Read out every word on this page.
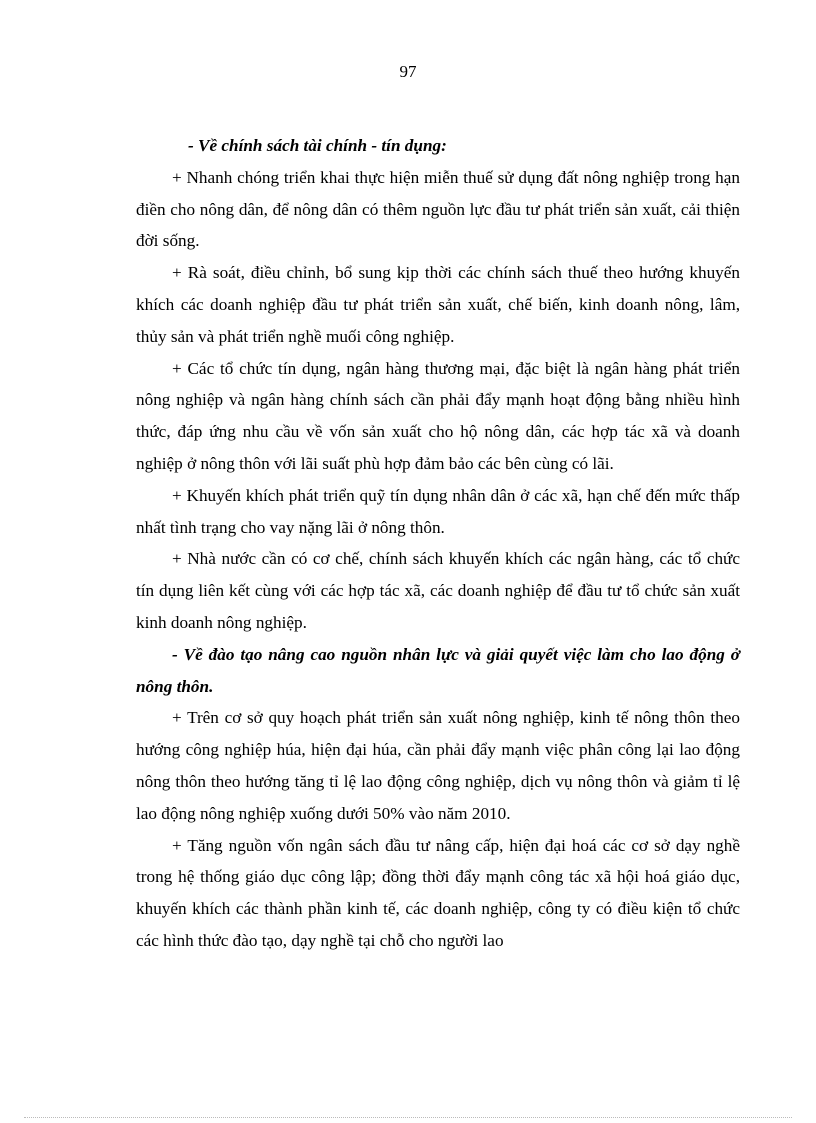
97

- Về chính sách tài chính - tín dụng:

+ Nhanh chóng triển khai thực hiện miễn thuế sử dụng đất nông nghiệp trong hạn điền cho nông dân, để nông dân có thêm nguồn lực đầu tư phát triển sản xuất, cải thiện đời sống.

+ Rà soát, điều chỉnh, bổ sung kịp thời các chính sách thuế theo hướng khuyến khích các doanh nghiệp đầu tư phát triển sản xuất, chế biến, kinh doanh nông, lâm, thủy sản và phát triển nghề muối công nghiệp.

+ Các tổ chức tín dụng, ngân hàng thương mại, đặc biệt là ngân hàng phát triển nông nghiệp và ngân hàng chính sách cần phải đẩy mạnh hoạt động bằng nhiều hình thức, đáp ứng nhu cầu về vốn sản xuất cho hộ nông dân, các hợp tác xã và doanh nghiệp ở nông thôn với lãi suất phù hợp đảm bảo các bên cùng có lãi.

+ Khuyến khích phát triển quỹ tín dụng nhân dân ở các xã, hạn chế đến mức thấp nhất tình trạng cho vay nặng lãi ở nông thôn.

+ Nhà nước cần có cơ chế, chính sách khuyến khích các ngân hàng, các tổ chức tín dụng liên kết cùng với các hợp tác xã, các doanh nghiệp để đầu tư tổ chức sản xuất kinh doanh nông nghiệp.

- Về đào tạo nâng cao nguồn nhân lực và giải quyết việc làm cho lao động ở nông thôn.

+ Trên cơ sở quy hoạch phát triển sản xuất nông nghiệp, kinh tế nông thôn theo hướng công nghiệp húa, hiện đại húa, cần phải đẩy mạnh việc phân công lại lao động nông thôn theo hướng tăng tỉ lệ lao động công nghiệp, dịch vụ nông thôn và giảm tỉ lệ lao động nông nghiệp xuống dưới 50% vào năm 2010.

+ Tăng nguồn vốn ngân sách đầu tư nâng cấp, hiện đại hoá các cơ sở dạy nghề trong hệ thống giáo dục công lập; đồng thời đẩy mạnh công tác xã hội hoá giáo dục, khuyến khích các thành phần kinh tế, các doanh nghiệp, công ty có điều kiện tổ chức các hình thức đào tạo, dạy nghề tại chỗ cho người lao
